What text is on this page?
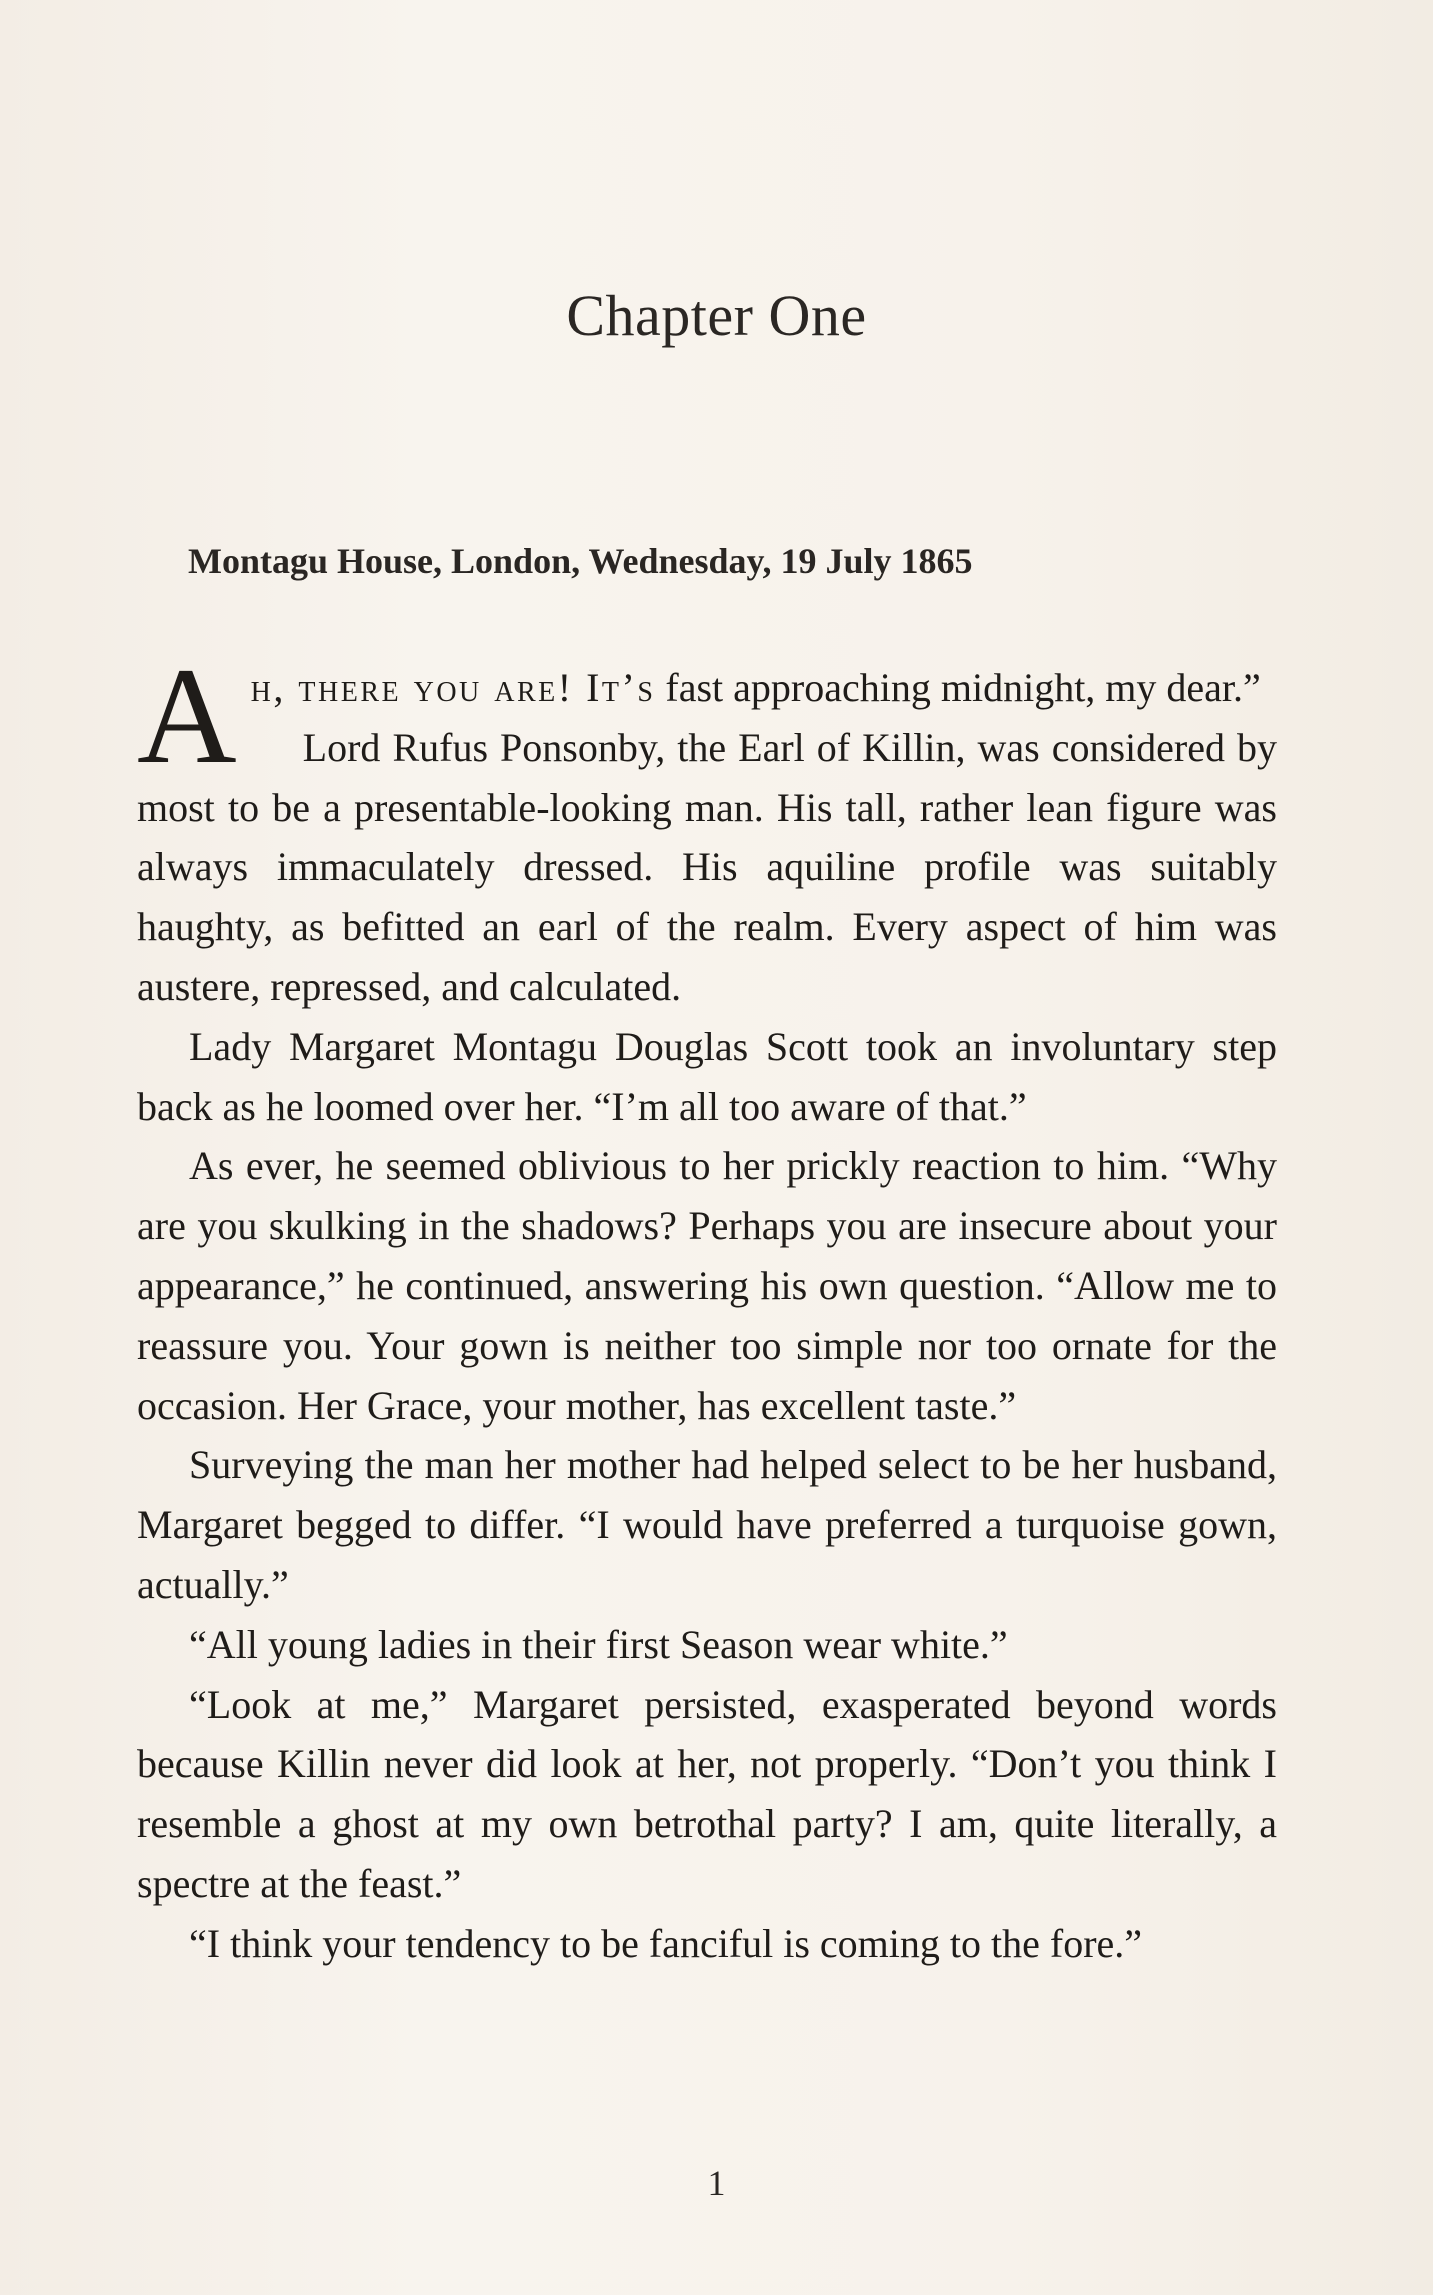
Chapter One
Montagu House, London, Wednesday, 19 July 1865

Ah, there you are! It’s fast approaching midnight, my dear.”

Lord Rufus Ponsonby, the Earl of Killin, was considered by most to be a presentable-looking man. His tall, rather lean figure was always immaculately dressed. His aquiline profile was suitably haughty, as befitted an earl of the realm. Every aspect of him was austere, repressed, and calculated.

Lady Margaret Montagu Douglas Scott took an involuntary step back as he loomed over her. “I’m all too aware of that.”

As ever, he seemed oblivious to her prickly reaction to him. “Why are you skulking in the shadows? Perhaps you are insecure about your appearance,” he continued, answering his own question. “Allow me to reassure you. Your gown is neither too simple nor too ornate for the occasion. Her Grace, your mother, has excellent taste.”

Surveying the man her mother had helped select to be her husband, Margaret begged to differ. “I would have preferred a turquoise gown, actually.”

“All young ladies in their first Season wear white.”

“Look at me,” Margaret persisted, exasperated beyond words because Killin never did look at her, not properly. “Don’t you think I resemble a ghost at my own betrothal party? I am, quite literally, a spectre at the feast.”

“I think your tendency to be fanciful is coming to the fore.”

1
